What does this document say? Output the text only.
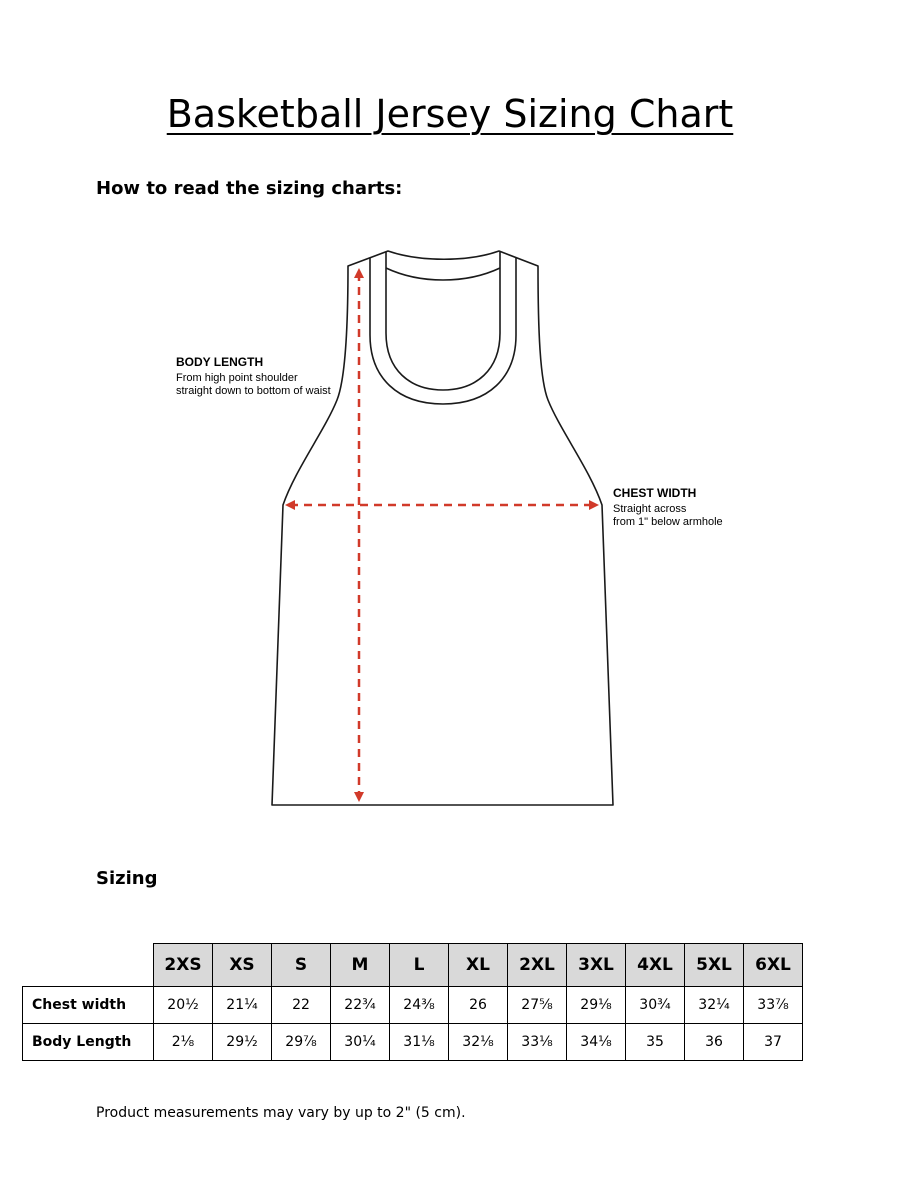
Basketball Jersey Sizing Chart
How to read the sizing charts:
BODY LENGTH
From high point shoulder
straight down to bottom of waist
CHEST WIDTH
Straight across
from 1" below armhole
Sizing
	2XS	XS	S	M	L	XL	2XL	3XL	4XL	5XL	6XL
Chest width	20½	21¼	22	22¾	24⅜	26	27⅝	29⅛	30¾	32¼	33⅞
Body Length	2⅛	29½	29⅞	30¼	31⅛	32⅛	33⅛	34⅛	35	36	37

Product measurements may vary by up to 2" (5 cm).
